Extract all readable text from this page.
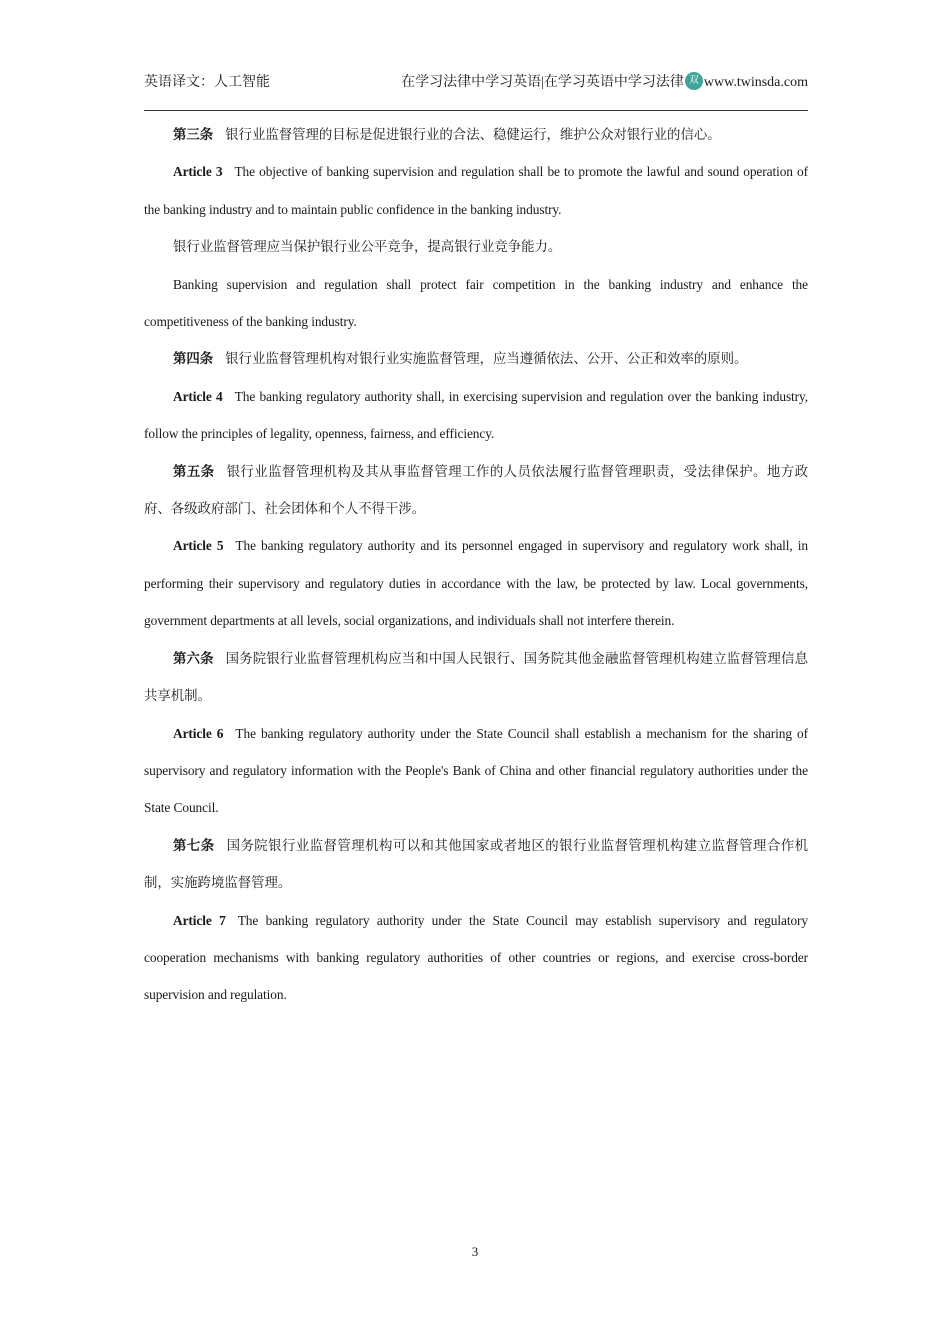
英语译文：人工智能	在学习法律中学习英语|在学习英语中学习法律 双 www.twinsda.com

第三条 银行业监督管理的目标是促进银行业的合法、稳健运行，维护公众对银行业的信心。

Article 3 The objective of banking supervision and regulation shall be to promote the lawful and sound operation of the banking industry and to maintain public confidence in the banking industry.

银行业监督管理应当保护银行业公平竞争，提高银行业竞争能力。

Banking supervision and regulation shall protect fair competition in the banking industry and enhance the competitiveness of the banking industry.

第四条 银行业监督管理机构对银行业实施监督管理，应当遵循依法、公开、公正和效率的原则。

Article 4 The banking regulatory authority shall, in exercising supervision and regulation over the banking industry, follow the principles of legality, openness, fairness, and efficiency.

第五条 银行业监督管理机构及其从事监督管理工作的人员依法履行监督管理职责，受法律保护。地方政府、各级政府部门、社会团体和个人不得干涉。

Article 5 The banking regulatory authority and its personnel engaged in supervisory and regulatory work shall, in performing their supervisory and regulatory duties in accordance with the law, be protected by law. Local governments, government departments at all levels, social organizations, and individuals shall not interfere therein.

第六条 国务院银行业监督管理机构应当和中国人民银行、国务院其他金融监督管理机构建立监督管理信息共享机制。

Article 6 The banking regulatory authority under the State Council shall establish a mechanism for the sharing of supervisory and regulatory information with the People's Bank of China and other financial regulatory authorities under the State Council.

第七条 国务院银行业监督管理机构可以和其他国家或者地区的银行业监督管理机构建立监督管理合作机制，实施跨境监督管理。

Article 7 The banking regulatory authority under the State Council may establish supervisory and regulatory cooperation mechanisms with banking regulatory authorities of other countries or regions, and exercise cross-border supervision and regulation.

3
